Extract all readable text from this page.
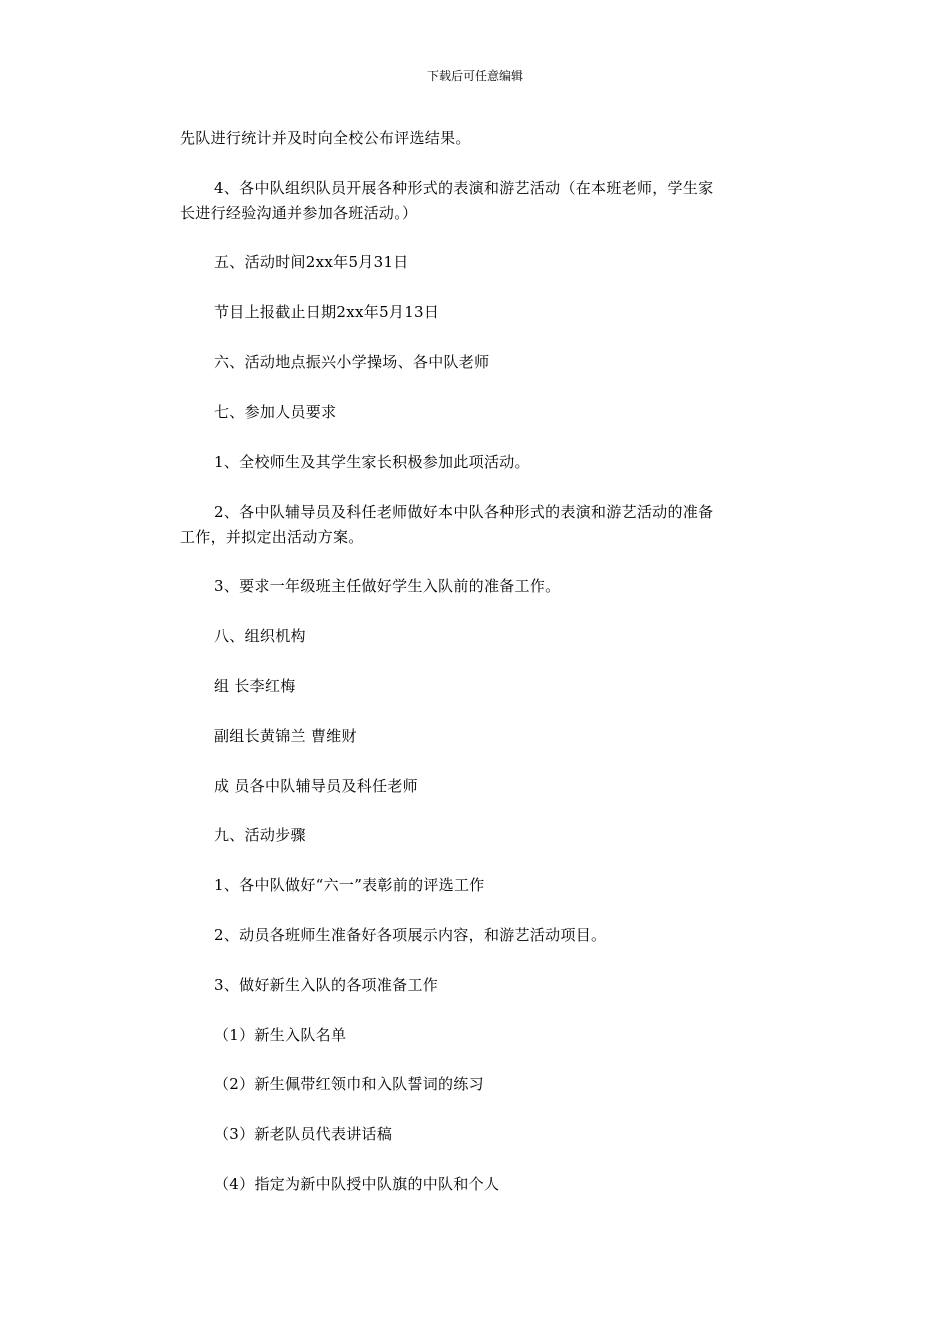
下载后可任意编辑
先队进行统计并及时向全校公布评选结果。
4、各中队组织队员开展各种形式的表演和游艺活动（在本班老师，学生家
长进行经验沟通并参加各班活动。）
五、活动时间2xx年5月31日
节目上报截止日期2xx年5月13日
六、活动地点振兴小学操场、各中队老师
七、参加人员要求
1、全校师生及其学生家长积极参加此项活动。
2、各中队辅导员及科任老师做好本中队各种形式的表演和游艺活动的准备
工作，并拟定出活动方案。
3、要求一年级班主任做好学生入队前的准备工作。
八、组织机构
组 长李红梅
副组长黄锦兰 曹维财
成 员各中队辅导员及科任老师
九、活动步骤
1、各中队做好“六一”表彰前的评选工作
2、动员各班师生准备好各项展示内容，和游艺活动项目。
3、做好新生入队的各项准备工作
（1）新生入队名单
（2）新生佩带红领巾和入队誓词的练习
（3）新老队员代表讲话稿
（4）指定为新中队授中队旗的中队和个人
